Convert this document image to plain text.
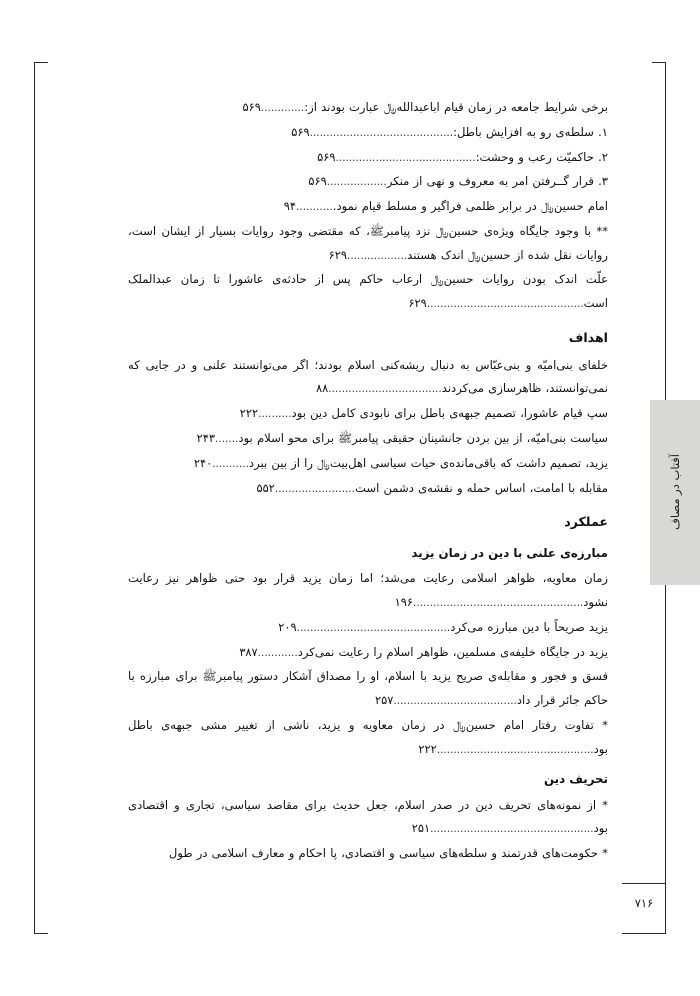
آفتاب در مصاف

برخی شرایط جامعه در زمان قیام اباعبدالله﷼ عبارت بودند از:.............۵۶۹

۱. سلطه‌ی رو به افزایش باطل:...........................................۵۶۹

۲. حاکمیّت رعب و وحشت:..........................................۵۶۹

۳. قرار گــرفتن امر به معروف و نهی از منکر..................۵۶۹

امام حسین﷼ در برابر ظلمی فراگیر و مسلط قیام نمود............۹۴

** با وجود جایگاه ویژه‌ی حسین﷼ نزد پیامبرﷺ، که مقتضی وجود روایات بسیار از ایشان است، روایات نقل شده از حسین﷼ اندک هستند..................۶۲۹

علّت اندک بودن روایات حسین﷼ ارعاب حاکم پس از حادثه‌ی عاشورا تا زمان عبدالملک است...............................................۶۲۹

اهداف

خلفای بنی‌امیّه و بنی‌عبّاس به دنبال ریشه‌کنی اسلام بودند؛ اگر می‌توانستند علنی و در جایی که نمی‌توانستند، ظاهرسازی می‌کردند..................................۸۸

سپ قیام عاشورا، تصمیم جبهه‌ی باطل برای نابودی کامل دین بود..........۲۲۲

سیاست بنی‌امیّه، از بین بردن جانشینان حقیقی پیامبرﷺ برای محو اسلام بود.......۲۴۳

یزید، تصمیم داشت که باقی‌مانده‌ی حیات سیاسی اهل‌بیت﷼ را از بین ببرد...........۲۴۰

مقابله با امامت، اساس حمله و نقشه‌ی دشمن است........................۵۵۲

عملکرد
مبارزه‌ی علنی با دین در زمان یزید

زمان معاویه، ظواهر اسلامی رعایت می‌شد؛ اما زمان یزید قرار بود حتی ظواهر نیز رعایت نشود...................................................۱۹۶

یزید صریحاً با دین مبارزه می‌کرد..............................................۲۰۹

یزید در جایگاه خلیفه‌ی مسلمین، ظواهر اسلام را رعایت نمی‌کرد............۳۸۷

فسق و فجور و مقابله‌ی صریح یزید با اسلام، او را مصداق آشکار دستور پیامبرﷺ برای مبارزه با حاکم جائر قرار داد.....................................۲۵۷

* تفاوت رفتار امام حسین﷼ در زمان معاویه و یزید، ناشی از تغییر مشی جبهه‌ی باطل بود...............................................۲۲۲

تحریف دین

* از نمونه‌های تحریف دین در صدر اسلام، جعل حدیث برای مقاصد سیاسی، تجاری و اقتصادی بود.................................................۲۵۱

* حکومت‌های قدرتمند و سلطه‌های سیاسی و اقتصادی، پا احکام و معارف اسلامی در طول

۷۱۶
